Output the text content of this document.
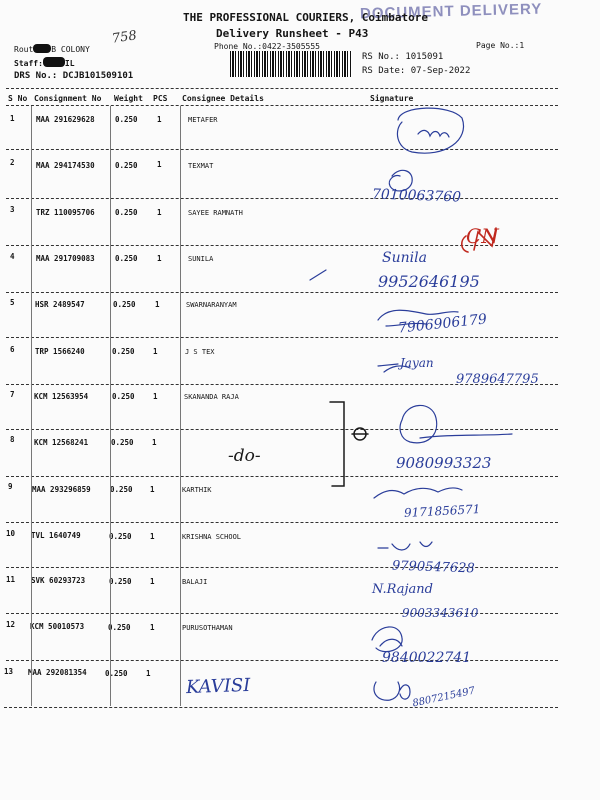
DOCUMENT DELIVERY
THE PROFESSIONAL COURIERS, Coimbatore
Delivery Runsheet - P43
Phone No.:0422-3505555	Page No.:1
Rout B COLONY
758
Staff:	IL
DRS No.: DCJB101509101
RS No.: 1015091
RS Date: 07-Sep-2022
S No Consignment No Weight PCS Consignee Details	Signature
1	MAA 291629628	0.250	1	METAFER
2	MAA 294174530	0.250	1	TEXMAT
3	TRZ 110095706	0.250	1	SAYEE RAMNATH
4	MAA 291709083	0.250	1	SUNILA
5	HSR 2489547	0.250	1	SWARNARANYAM
6	TRP 1566240	0.250 1	J S TEX
7	KCM 12563954	0.250 1	SKANANDA RAJA
8	KCM 12568241	0.250 1
9	MAA 293296859	0.250 1	KARTHIK
10 TVL 1640749	0.250 1	KRISHNA SCHOOL
11 SVK 60293723	0.250 1	BALAJI
12 KCM 50010573	0.250	1	PURUSOTHAMAN
13 MAA 292081354 0.250 1
7010063760
CN
Sunila
9952646195
7906906179
Jayan
9789647795
-do-	9080993323
9171856571
9790547628
N.Rajand
9003343610
9840022741
KAVISI	8807215497
